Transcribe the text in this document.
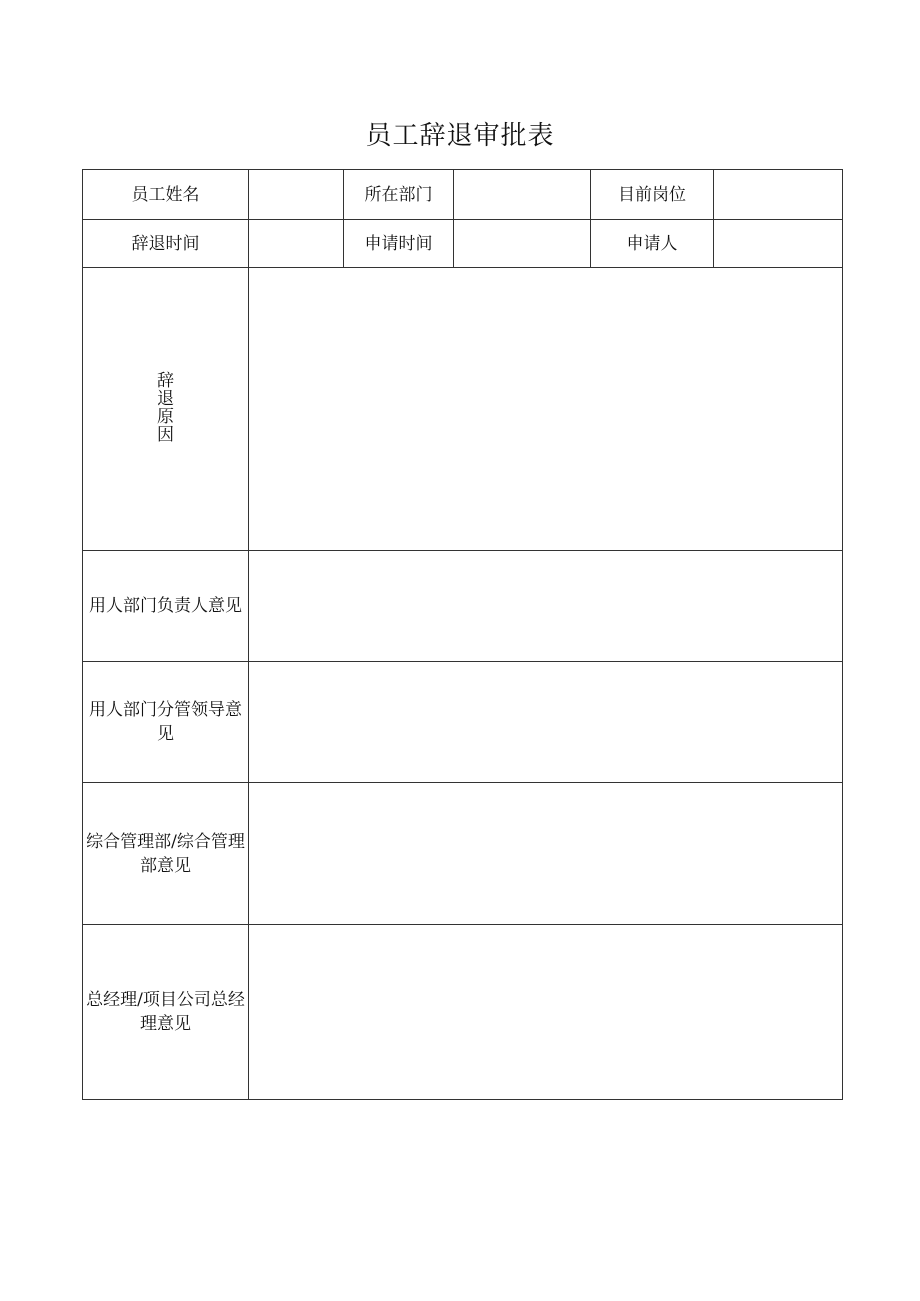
员工辞退审批表
员工姓名		所在部门		目前岗位	

辞退时间		申请时间		申请人	

辞退原因					
用人部门负责人意见					
用人部门分管领导意见					
综合管理部/综合管理部意见					
总经理/项目公司总经理意见					
